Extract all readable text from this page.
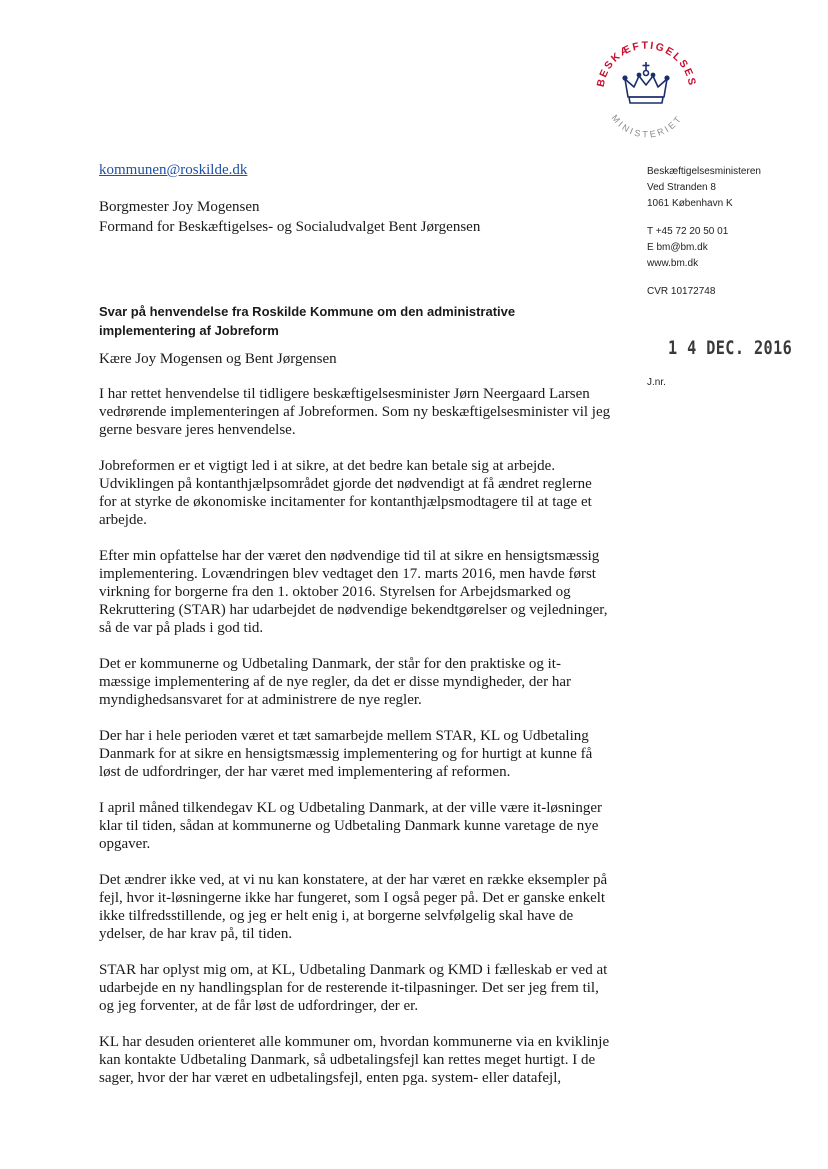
BESKÆFTIGELSES
MINISTERIET
kommunen@roskilde.dk
Borgmester Joy Mogensen
Formand for Beskæftigelses- og Socialudvalget Bent Jørgensen
Beskæftigelsesministeren
Ved Stranden 8
1061 København K
T +45 72 20 50 01
E bm@bm.dk
www.bm.dk
CVR 10172748
1 4 DEC. 2016
J.nr.
Svar på henvendelse fra Roskilde Kommune om den administrative implementering af Jobreform

Kære Joy Mogensen og Bent Jørgensen

I har rettet henvendelse til tidligere beskæftigelsesminister Jørn Neergaard Larsen vedrørende implementeringen af Jobreformen. Som ny beskæftigelsesminister vil jeg gerne besvare jeres henvendelse.

Jobreformen er et vigtigt led i at sikre, at det bedre kan betale sig at arbejde. Udviklingen på kontanthjælpsområdet gjorde det nødvendigt at få ændret reglerne for at styrke de økonomiske incitamenter for kontanthjælpsmodtagere til at tage et arbejde.

Efter min opfattelse har der været den nødvendige tid til at sikre en hensigtsmæssig implementering. Lovændringen blev vedtaget den 17. marts 2016, men havde først virkning for borgerne fra den 1. oktober 2016. Styrelsen for Arbejdsmarked og Rekruttering (STAR) har udarbejdet de nødvendige bekendtgørelser og vejledninger, så de var på plads i god tid.

Det er kommunerne og Udbetaling Danmark, der står for den praktiske og it-mæssige implementering af de nye regler, da det er disse myndigheder, der har myndighedsansvaret for at administrere de nye regler.

Der har i hele perioden været et tæt samarbejde mellem STAR, KL og Udbetaling Danmark for at sikre en hensigtsmæssig implementering og for hurtigt at kunne få løst de udfordringer, der har været med implementering af reformen.

I april måned tilkendegav KL og Udbetaling Danmark, at der ville være it-løsninger klar til tiden, sådan at kommunerne og Udbetaling Danmark kunne varetage de nye opgaver.

Det ændrer ikke ved, at vi nu kan konstatere, at der har været en række eksempler på fejl, hvor it-løsningerne ikke har fungeret, som I også peger på. Det er ganske enkelt ikke tilfredsstillende, og jeg er helt enig i, at borgerne selvfølgelig skal have de ydelser, de har krav på, til tiden.

STAR har oplyst mig om, at KL, Udbetaling Danmark og KMD i fælleskab er ved at udarbejde en ny handlingsplan for de resterende it-tilpasninger. Det ser jeg frem til, og jeg forventer, at de får løst de udfordringer, der er.

KL har desuden orienteret alle kommuner om, hvordan kommunerne via en kviklinje kan kontakte Udbetaling Danmark, så udbetalingsfejl kan rettes meget hurtigt. I de sager, hvor der har været en udbetalingsfejl, enten pga. system- eller datafejl,
